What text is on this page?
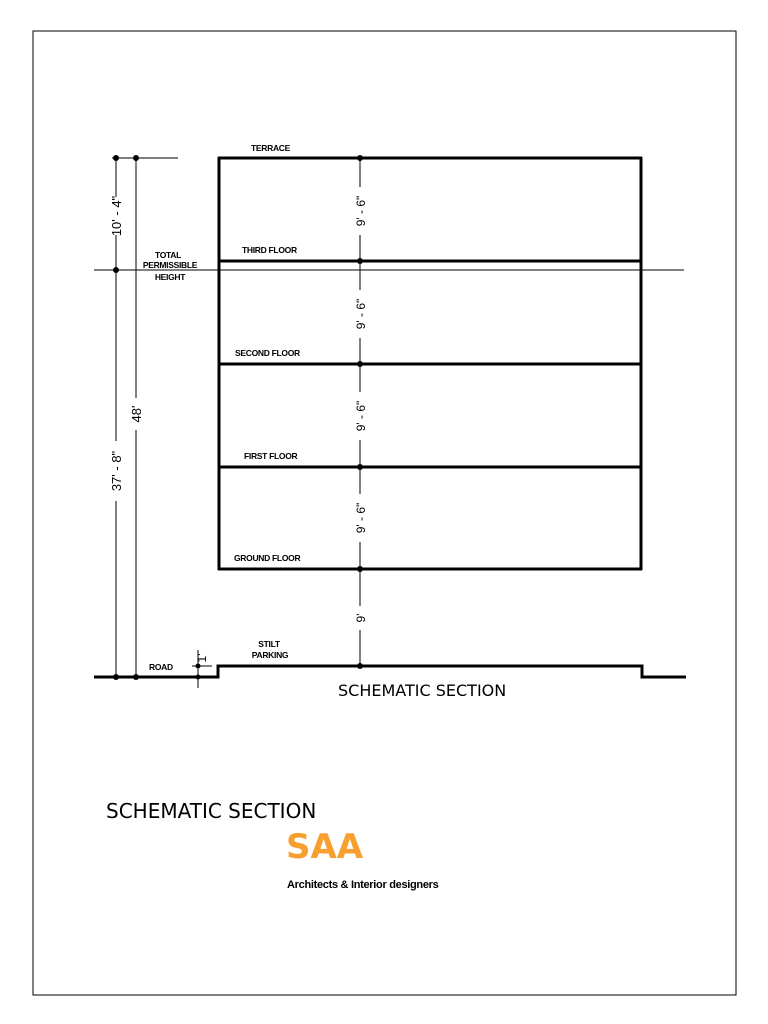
9' - 6"
9' - 6"
9' - 6"
9' - 6"
9'
10' - 4"
37' - 8"
48'
1'
TERRACE
THIRD FLOOR
SECOND FLOOR
FIRST FLOOR
GROUND FLOOR
TOTAL
PERMISSIBLE
HEIGHT
STILT
PARKING
ROAD
SCHEMATIC SECTION
SCHEMATIC SECTION
SAA
Architects & Interior designers
